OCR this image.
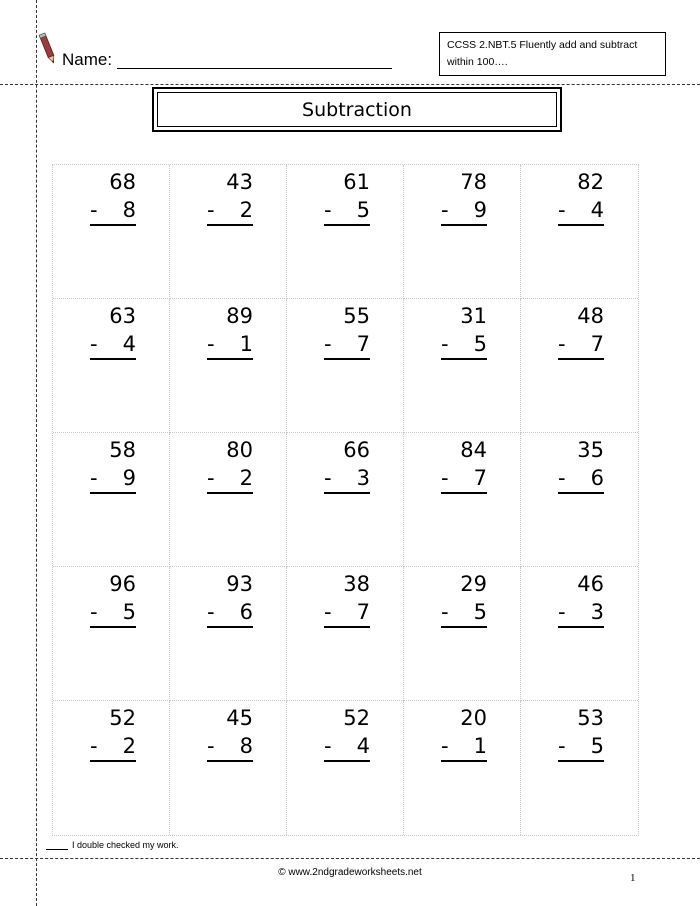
Name:
CCSS 2.NBT.5 Fluently add and subtract within 100….
Subtraction
68
- 8
43
- 2
61
- 5
78
- 9
82
- 4
63
- 4
89
- 1
55
- 7
31
- 5
48
- 7
58
- 9
80
- 2
66
- 3
84
- 7
35
- 6
96
- 5
93
- 6
38
- 7
29
- 5
46
- 3
52
- 2
45
- 8
52
- 4
20
- 1
53
- 5
I double checked my work.
© www.2ndgradeworksheets.net	1
